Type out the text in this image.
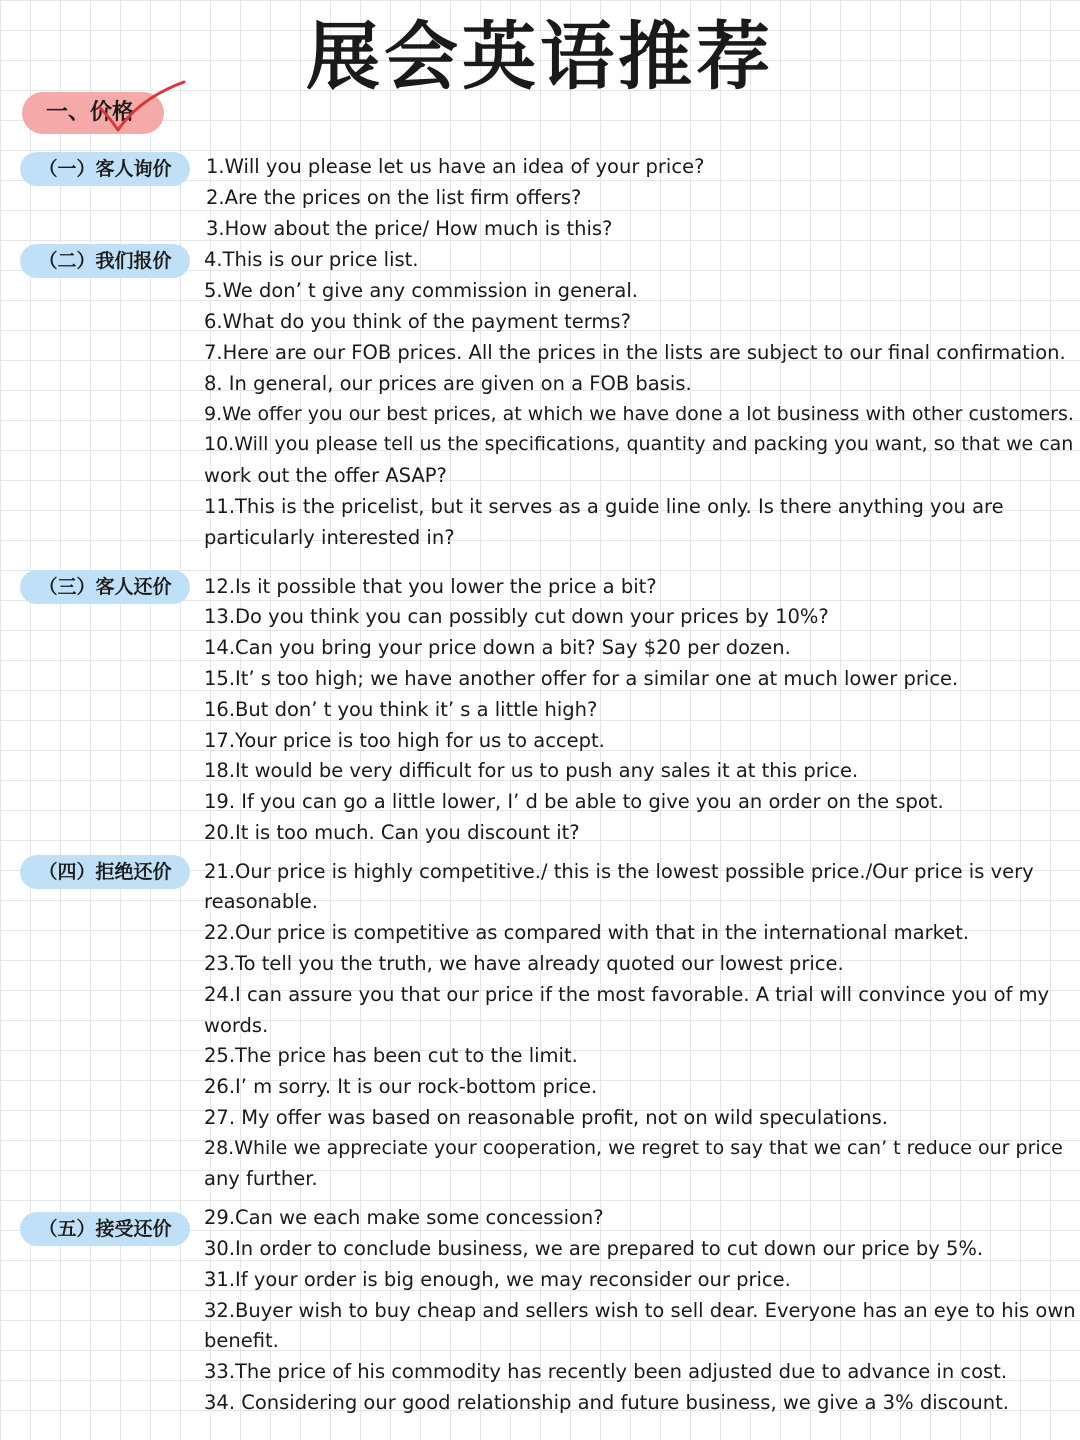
展会英语推荐
一、价格
（一）客人询价
（二）我们报价
（三）客人还价
（四）拒绝还价
（五）接受还价
1.Will you please let us have an idea of your price?
2.Are the prices on the list firm offers?
3.How about the price/ How much is this?
4.This is our price list.
5.We don’ t give any commission in general.
6.What do you think of the payment terms?
7.Here are our FOB prices. All the prices in the lists are subject to our final confirmation.
8. In general, our prices are given on a FOB basis.
9.We offer you our best prices, at which we have done a lot business with other customers.
10.Will you please tell us the specifications, quantity and packing you want, so that we can
work out the offer ASAP?
11.This is the pricelist, but it serves as a guide line only. Is there anything you are
particularly interested in?
12.Is it possible that you lower the price a bit?
13.Do you think you can possibly cut down your prices by 10%?
14.Can you bring your price down a bit? Say $20 per dozen.
15.It’ s too high; we have another offer for a similar one at much lower price.
16.But don’ t you think it’ s a little high?
17.Your price is too high for us to accept.
18.It would be very difficult for us to push any sales it at this price.
19. If you can go a little lower, I’ d be able to give you an order on the spot.
20.It is too much. Can you discount it?
21.Our price is highly competitive./ this is the lowest possible price./Our price is very
reasonable.
22.Our price is competitive as compared with that in the international market.
23.To tell you the truth, we have already quoted our lowest price.
24.I can assure you that our price if the most favorable. A trial will convince you of my
words.
25.The price has been cut to the limit.
26.I’ m sorry. It is our rock-bottom price.
27. My offer was based on reasonable profit, not on wild speculations.
28.While we appreciate your cooperation, we regret to say that we can’ t reduce our price
any further.
29.Can we each make some concession?
30.In order to conclude business, we are prepared to cut down our price by 5%.
31.If your order is big enough, we may reconsider our price.
32.Buyer wish to buy cheap and sellers wish to sell dear. Everyone has an eye to his own
benefit.
33.The price of his commodity has recently been adjusted due to advance in cost.
34. Considering our good relationship and future business, we give a 3% discount.
